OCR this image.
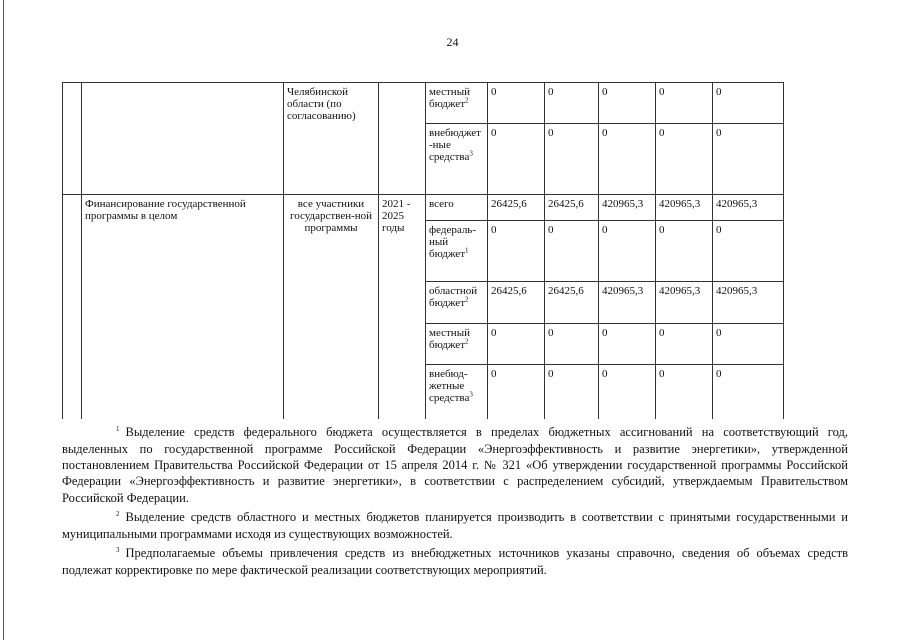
24
		Челябинской области (по согласованию)		местный бюджет$^2$	0	0	0	0	0
				внебюджет -ные средства$^3$	0	0	0	0	0
	Финансирование государственной программы в целом	все участники государствен-ной программы	2021 - 2025 годы	всего	26425,6	26425,6	420965,3	420965,3	420965,3
				федераль-ный бюджет$^1$	0	0	0	0	0
				областной бюджет$^2$	26425,6	26425,6	420965,3	420965,3	420965,3
				местный бюджет$^2$	0	0	0	0	0
				внебюд-жетные средства$^3$	0	0	0	0	0

$^1$ Выделение средств федерального бюджета осуществляется в пределах бюджетных ассигнований на соответствующий год, выделенных по государственной программе Российской Федерации «Энергоэффективность и развитие энергетики», утвержденной постановлением Правительства Российской Федерации от 15 апреля 2014 г. № 321 «Об утверждении государственной программы Российской Федерации «Энергоэффективность и развитие энергетики», в соответствии с распределением субсидий, утверждаемым Правительством Российской Федерации.

$^2$ Выделение средств областного и местных бюджетов планируется производить в соответствии с принятыми государственными и муниципальными программами исходя из существующих возможностей.

$^3$ Предполагаемые объемы привлечения средств из внебюджетных источников указаны справочно, сведения об объемах средств подлежат корректировке по мере фактической реализации соответствующих мероприятий.
